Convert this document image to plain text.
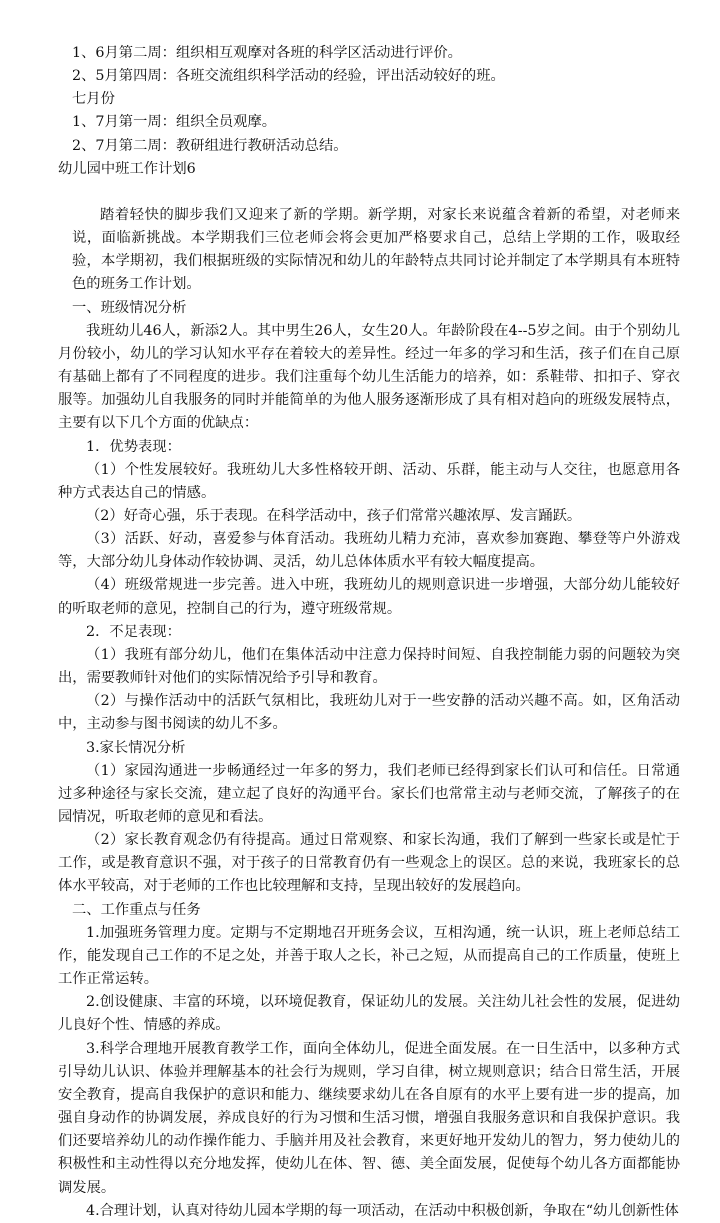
1、6月第二周：组织相互观摩对各班的科学区活动进行评价。
2、5月第四周：各班交流组织科学活动的经验，评出活动较好的班。
七月份
1、7月第一周：组织全员观摩。
2、7月第二周：教研组进行教研活动总结。
幼儿园中班工作计划6
踏着轻快的脚步我们又迎来了新的学期。新学期，对家长来说蕴含着新的希望，对老师来说，面临新挑战。本学期我们三位老师会将会更加严格要求自己，总结上学期的工作，吸取经验，本学期初，我们根据班级的实际情况和幼儿的年龄特点共同讨论并制定了本学期具有本班特色的班务工作计划。
一、班级情况分析
我班幼儿46人，新添2人。其中男生26人，女生20人。年龄阶段在4--5岁之间。由于个别幼儿月份较小，幼儿的学习认知水平存在着较大的差异性。经过一年多的学习和生活，孩子们在自己原有基础上都有了不同程度的进步。我们注重每个幼儿生活能力的培养，如：系鞋带、扣扣子、穿衣服等。加强幼儿自我服务的同时并能简单的为他人服务逐渐形成了具有相对趋向的班级发展特点，主要有以下几个方面的优缺点：
1．优势表现：
（1）个性发展较好。我班幼儿大多性格较开朗、活动、乐群，能主动与人交往，也愿意用各种方式表达自己的情感。
（2）好奇心强，乐于表现。在科学活动中，孩子们常常兴趣浓厚、发言踊跃。
（3）活跃、好动，喜爱参与体育活动。我班幼儿精力充沛，喜欢参加赛跑、攀登等户外游戏等，大部分幼儿身体动作较协调、灵活，幼儿总体体质水平有较大幅度提高。
（4）班级常规进一步完善。进入中班，我班幼儿的规则意识进一步增强，大部分幼儿能较好的听取老师的意见，控制自己的行为，遵守班级常规。
2．不足表现：
（1）我班有部分幼儿，他们在集体活动中注意力保持时间短、自我控制能力弱的问题较为突出，需要教师针对他们的实际情况给予引导和教育。
（2）与操作活动中的活跃气氛相比，我班幼儿对于一些安静的活动兴趣不高。如，区角活动中，主动参与图书阅读的幼儿不多。
3.家长情况分析
（1）家园沟通进一步畅通经过一年多的努力，我们老师已经得到家长们认可和信任。日常通过多种途径与家长交流，建立起了良好的沟通平台。家长们也常常主动与老师交流，了解孩子的在园情况，听取老师的意见和看法。
（2）家长教育观念仍有待提高。通过日常观察、和家长沟通，我们了解到一些家长或是忙于工作，或是教育意识不强，对于孩子的日常教育仍有一些观念上的误区。总的来说，我班家长的总体水平较高，对于老师的工作也比较理解和支持，呈现出较好的发展趋向。
二、工作重点与任务
1.加强班务管理力度。定期与不定期地召开班务会议，互相沟通，统一认识，班上老师总结工作，能发现自己工作的不足之处，并善于取人之长，补己之短，从而提高自己的工作质量，使班上工作正常运转。
2.创设健康、丰富的环境，以环境促教育，保证幼儿的发展。关注幼儿社会性的发展，促进幼儿良好个性、情感的养成。
3.科学合理地开展教育教学工作，面向全体幼儿，促进全面发展。在一日生活中，以多种方式引导幼儿认识、体验并理解基本的社会行为规则，学习自律，树立规则意识；结合日常生活，开展安全教育，提高自我保护的意识和能力、继续要求幼儿在各自原有的水平上要有进一步的提高，加强自身动作的协调发展，养成良好的行为习惯和生活习惯，增强自我服务意识和自我保护意识。我们还要培养幼儿的动作操作能力、手脑并用及社会教育，来更好地开发幼儿的智力，努力使幼儿的积极性和主动性得以充分地发挥，使幼儿在体、智、德、美全面发展，促使每个幼儿各方面都能协调发展。
4.合理计划，认真对待幼儿园本学期的每一项活动，在活动中积极创新，争取在“幼儿创新性体
